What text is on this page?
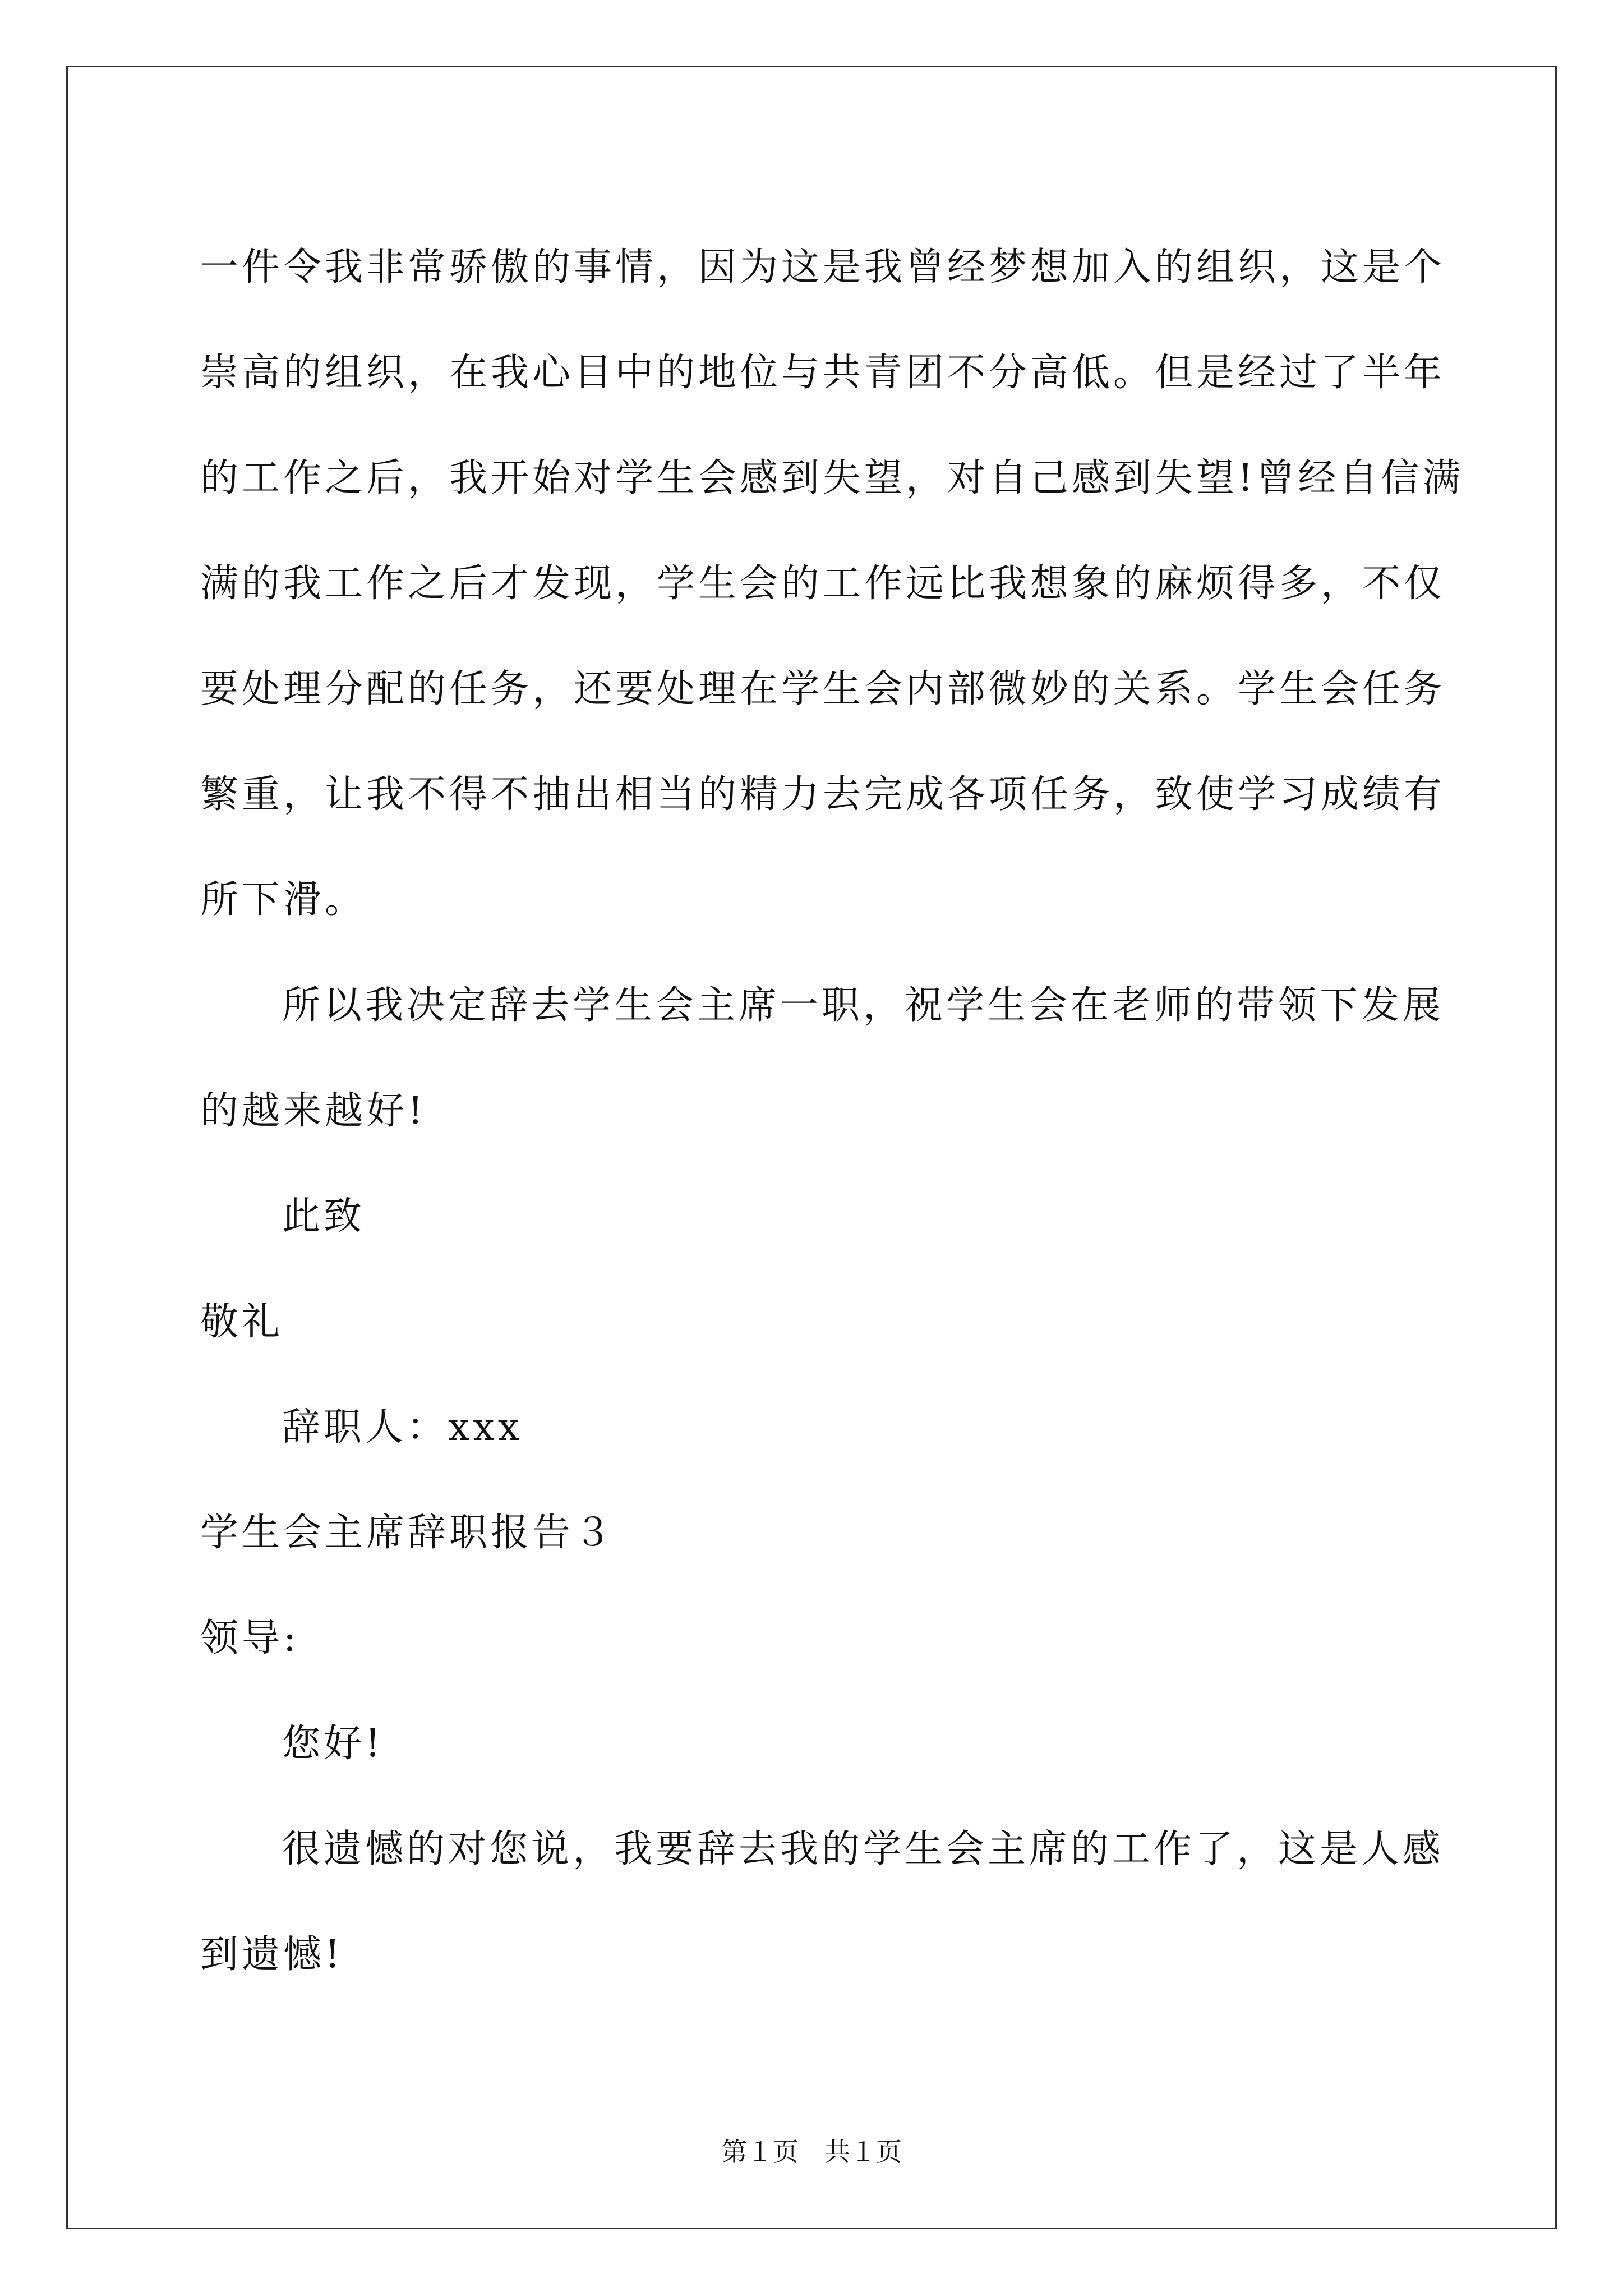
一件令我非常骄傲的事情，因为这是我曾经梦想加入的组织，这是个
崇高的组织，在我心目中的地位与共青团不分高低。但是经过了半年
的工作之后，我开始对学生会感到失望，对自己感到失望!曾经自信满
满的我工作之后才发现，学生会的工作远比我想象的麻烦得多，不仅
要处理分配的任务，还要处理在学生会内部微妙的关系。学生会任务
繁重，让我不得不抽出相当的精力去完成各项任务，致使学习成绩有
所下滑。
所以我决定辞去学生会主席一职，祝学生会在老师的带领下发展
的越来越好!
此致
敬礼
辞职人：xxx
学生会主席辞职报告３
领导:
您好!
很遗憾的对您说，我要辞去我的学生会主席的工作了，这是人感
到遗憾!
第１页　共１页
